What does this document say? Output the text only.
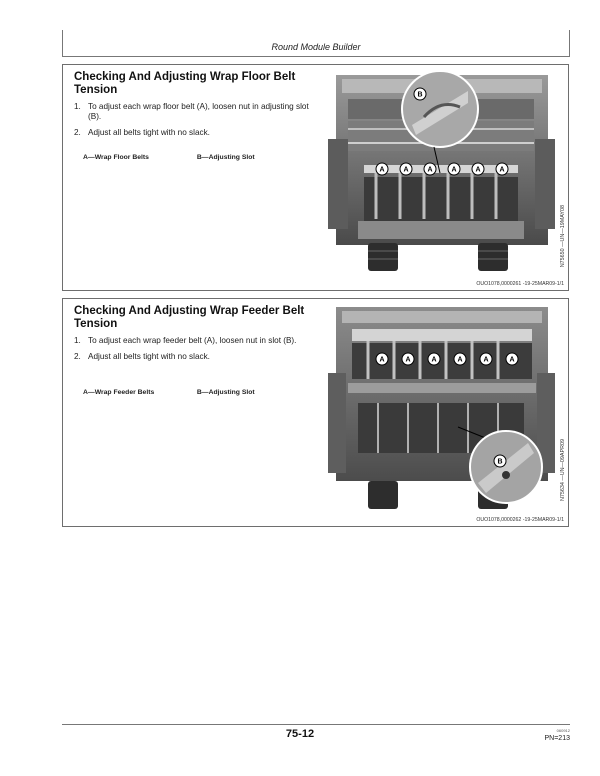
Round Module Builder
Checking And Adjusting Wrap Floor Belt Tension
1. To adjust each wrap floor belt (A), loosen nut in adjusting slot (B).
2. Adjust all belts tight with no slack.
A—Wrap Floor Belts	B—Adjusting Slot
B
A	A	A	A	A	A
N75650 —UN—19MAY08
OUO1078,0000261 -19-25MAR09-1/1
Checking And Adjusting Wrap Feeder Belt Tension
1. To adjust each wrap feeder belt (A), loosen nut in slot (B).
2. Adjust all belts tight with no slack.
A—Wrap Feeder Belts	B—Adjusting Slot
A	A	A	A	A	A
B	N75634 —UN—09APR09
OUO1078,0000262 -19-25MAR09-1/1
75-12	060912
PN=213
